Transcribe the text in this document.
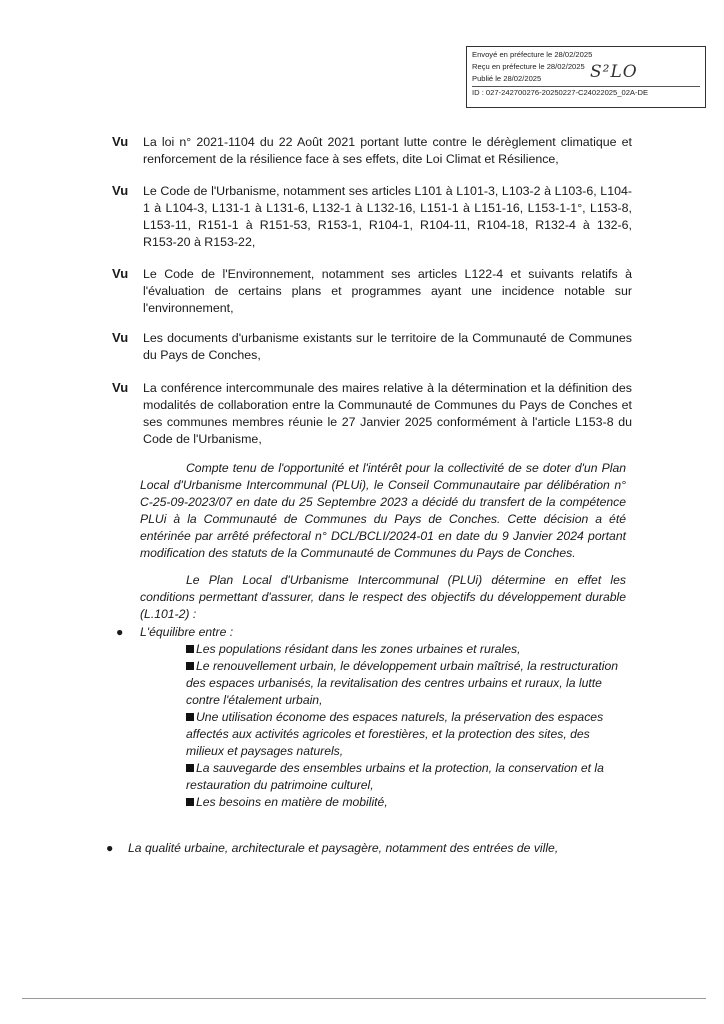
Envoyé en préfecture le 28/02/2025
Reçu en préfecture le 28/02/2025
Publié le 28/02/2025
ID : 027-242700276-20250227-C24022025_02A-DE
S²LO
Vu La loi n° 2021-1104 du 22 Août 2021 portant lutte contre le dérèglement climatique et renforcement de la résilience face à ses effets, dite Loi Climat et Résilience,
Vu Le Code de l'Urbanisme, notamment ses articles L101 à L101-3, L103-2 à L103-6, L104-1 à L104-3, L131-1 à L131-6, L132-1 à L132-16, L151-1 à L151-16, L153-1-1°, L153-8, L153-11, R151-1 à R151-53, R153-1, R104-1, R104-11, R104-18, R132-4 à 132-6, R153-20 à R153-22,
Vu Le Code de l'Environnement, notamment ses articles L122-4 et suivants relatifs à l'évaluation de certains plans et programmes ayant une incidence notable sur l'environnement,
Vu Les documents d'urbanisme existants sur le territoire de la Communauté de Communes du Pays de Conches,
Vu La conférence intercommunale des maires relative à la détermination et la définition des modalités de collaboration entre la Communauté de Communes du Pays de Conches et ses communes membres réunie le 27 Janvier 2025 conformément à l'article L153-8 du Code de l'Urbanisme,
Compte tenu de l'opportunité et l'intérêt pour la collectivité de se doter d'un Plan Local d'Urbanisme Intercommunal (PLUi), le Conseil Communautaire par délibération n° C-25-09-2023/07 en date du 25 Septembre 2023 a décidé du transfert de la compétence PLUi à la Communauté de Communes du Pays de Conches. Cette décision a été entérinée par arrêté préfectoral n° DCL/BCLI/2024-01 en date du 9 Janvier 2024 portant modification des statuts de la Communauté de Communes du Pays de Conches.
Le Plan Local d'Urbanisme Intercommunal (PLUi) détermine en effet les conditions permettant d'assurer, dans le respect des objectifs du développement durable (L.101-2) :
● L'équilibre entre :
Les populations résidant dans les zones urbaines et rurales,
Le renouvellement urbain, le développement urbain maîtrisé, la restructuration des espaces urbanisés, la revitalisation des centres urbains et ruraux, la lutte contre l'étalement urbain,
Une utilisation économe des espaces naturels, la préservation des espaces affectés aux activités agricoles et forestières, et la protection des sites, des milieux et paysages naturels,
La sauvegarde des ensembles urbains et la protection, la conservation et la restauration du patrimoine culturel,
Les besoins en matière de mobilité,
● La qualité urbaine, architecturale et paysagère, notamment des entrées de ville,
